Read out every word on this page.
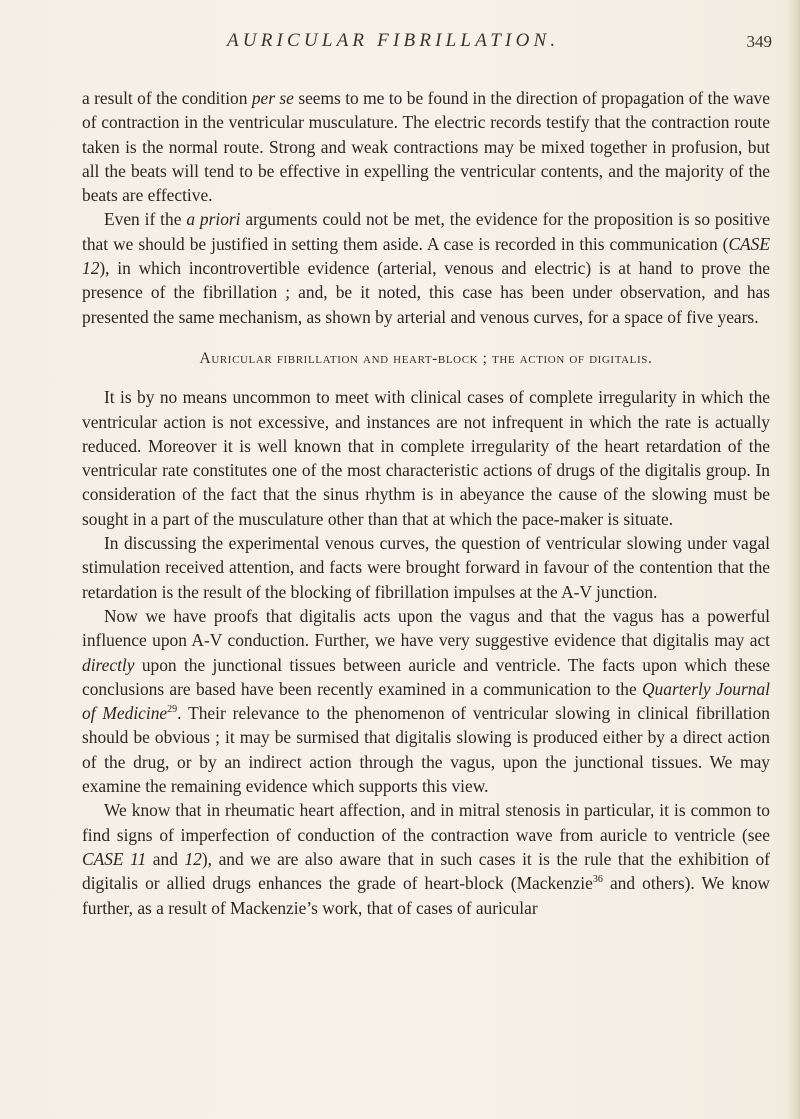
AURICULAR FIBRILLATION.	349

a result of the condition per se seems to me to be found in the direction of propagation of the wave of contraction in the ventricular musculature. The electric records testify that the contraction route taken is the normal route. Strong and weak contractions may be mixed together in profusion, but all the beats will tend to be effective in expelling the ventricular contents, and the majority of the beats are effective.

Even if the a priori arguments could not be met, the evidence for the proposition is so positive that we should be justified in setting them aside. A case is recorded in this communication (CASE 12), in which incontrovertible evidence (arterial, venous and electric) is at hand to prove the presence of the fibrillation ; and, be it noted, this case has been under observation, and has presented the same mechanism, as shown by arterial and venous curves, for a space of five years.

Auricular fibrillation and heart-block ; the action of digitalis.

It is by no means uncommon to meet with clinical cases of complete irregularity in which the ventricular action is not excessive, and instances are not infrequent in which the rate is actually reduced. Moreover it is well known that in complete irregularity of the heart retardation of the ventricular rate constitutes one of the most characteristic actions of drugs of the digitalis group. In consideration of the fact that the sinus rhythm is in abeyance the cause of the slowing must be sought in a part of the musculature other than that at which the pace-maker is situate.

In discussing the experimental venous curves, the question of ventricular slowing under vagal stimulation received attention, and facts were brought forward in favour of the contention that the retardation is the result of the blocking of fibrillation impulses at the A-V junction.

Now we have proofs that digitalis acts upon the vagus and that the vagus has a powerful influence upon A-V conduction. Further, we have very suggestive evidence that digitalis may act directly upon the junctional tissues between auricle and ventricle. The facts upon which these conclusions are based have been recently examined in a communication to the Quarterly Journal of Medicine$^{29}$. Their relevance to the phenomenon of ventricular slowing in clinical fibrillation should be obvious ; it may be surmised that digitalis slowing is produced either by a direct action of the drug, or by an indirect action through the vagus, upon the junctional tissues. We may examine the remaining evidence which supports this view.

We know that in rheumatic heart affection, and in mitral stenosis in particular, it is common to find signs of imperfection of conduction of the contraction wave from auricle to ventricle (see CASE 11 and 12), and we are also aware that in such cases it is the rule that the exhibition of digitalis or allied drugs enhances the grade of heart-block (Mackenzie$^{36}$ and others). We know further, as a result of Mackenzie’s work, that of cases of auricular
